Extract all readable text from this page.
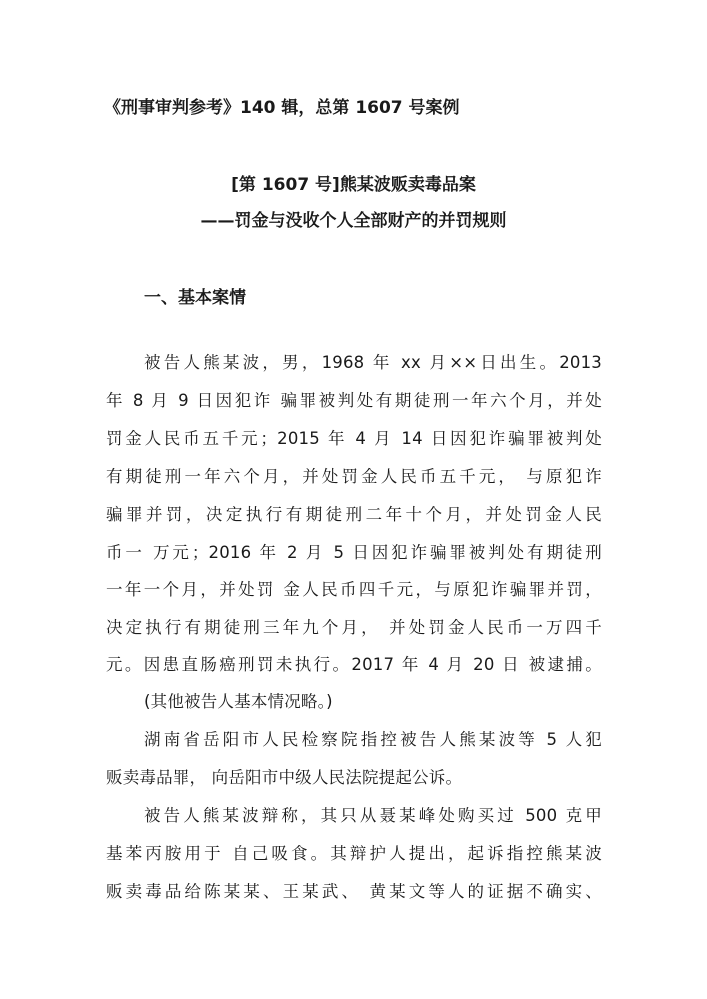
《刑事审判参考》140 辑，总第 1607 号案例
[第 1607 号]熊某波贩卖毒品案
——罚金与没收个人全部财产的并罚规则
一、基本案情
被告人熊某波，男，1968 年 xx 月××日出生。2013
年 8 月 9 日因犯诈 骗罪被判处有期徒刑一年六个月，并处
罚金人民币五千元；2015 年 4 月 14 日因犯诈骗罪被判处
有期徒刑一年六个月，并处罚金人民币五千元， 与原犯诈
骗罪并罚，决定执行有期徒刑二年十个月，并处罚金人民
币一 万元；2016 年 2 月 5 日因犯诈骗罪被判处有期徒刑
一年一个月，并处罚 金人民币四千元，与原犯诈骗罪并罚，
决定执行有期徒刑三年九个月， 并处罚金人民币一万四千
元。因患直肠癌刑罚未执行。2017 年 4 月 20 日 被逮捕。
(其他被告人基本情况略。)
湖南省岳阳市人民检察院指控被告人熊某波等 5 人犯
贩卖毒品罪， 向岳阳市中级人民法院提起公诉。
被告人熊某波辩称，其只从聂某峰处购买过 500 克甲
基苯丙胺用于 自己吸食。其辩护人提出，起诉指控熊某波
贩卖毒品给陈某某、王某武、 黄某文等人的证据不确实、
